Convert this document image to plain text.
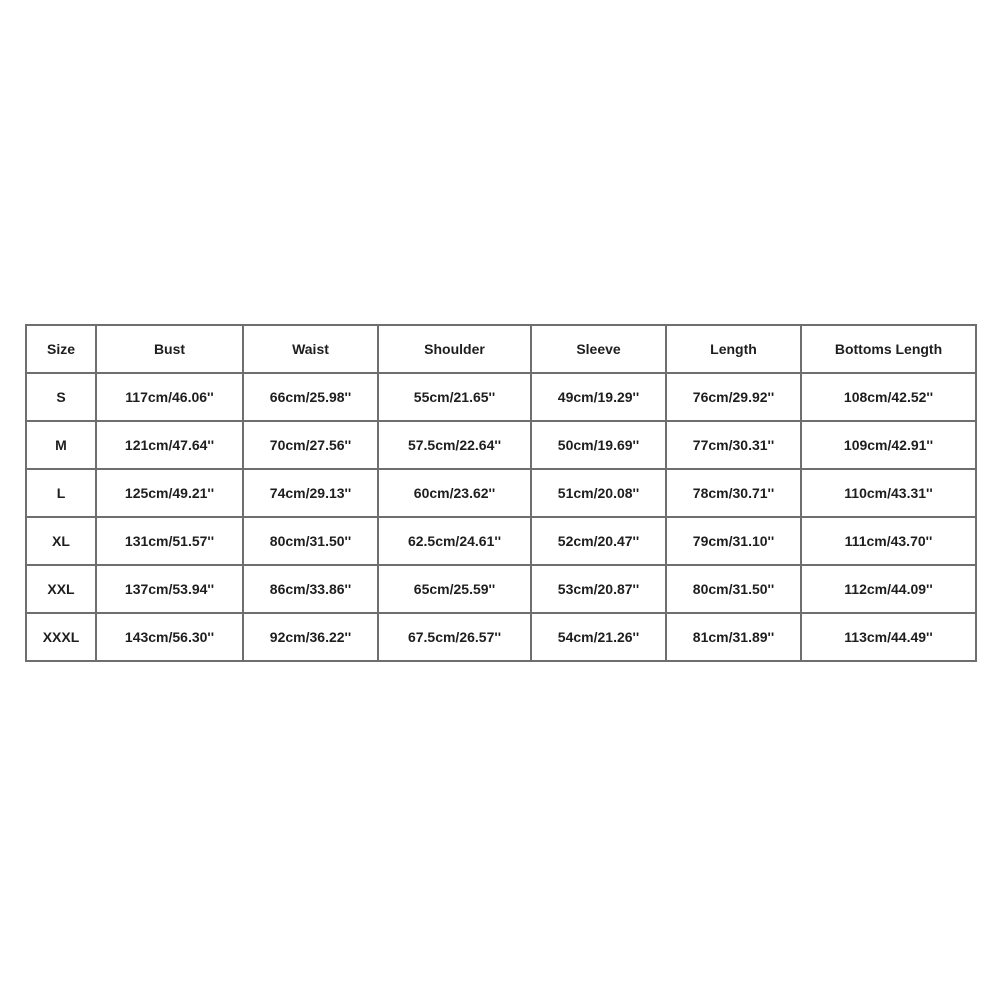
Size	Bust	Waist	Shoulder	Sleeve	Length	Bottoms Length
S	117cm/46.06''	66cm/25.98''	55cm/21.65''	49cm/19.29''	76cm/29.92''	108cm/42.52''
M	121cm/47.64''	70cm/27.56''	57.5cm/22.64''	50cm/19.69''	77cm/30.31''	109cm/42.91''
L	125cm/49.21''	74cm/29.13''	60cm/23.62''	51cm/20.08''	78cm/30.71''	110cm/43.31''
XL	131cm/51.57''	80cm/31.50''	62.5cm/24.61''	52cm/20.47''	79cm/31.10''	111cm/43.70''
XXL	137cm/53.94''	86cm/33.86''	65cm/25.59''	53cm/20.87''	80cm/31.50''	112cm/44.09''
XXXL	143cm/56.30''	92cm/36.22''	67.5cm/26.57''	54cm/21.26''	81cm/31.89''	113cm/44.49''
